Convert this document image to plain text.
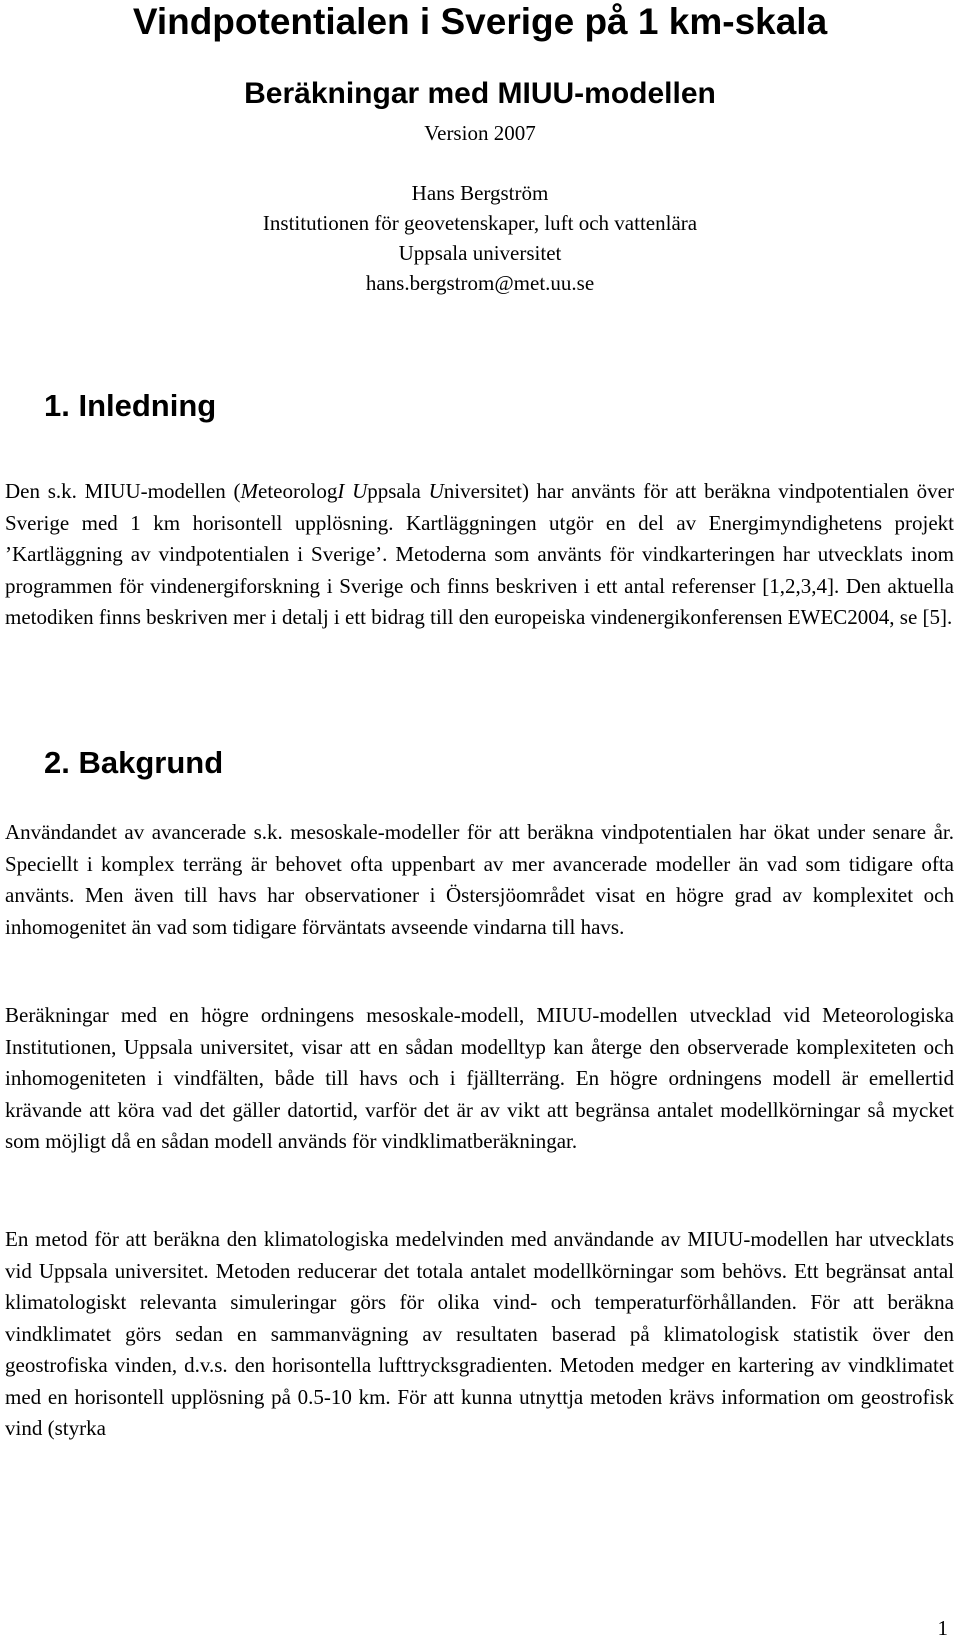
Vindpotentialen i Sverige på 1 km-skala
Beräkningar med MIUU-modellen
Version 2007
Hans Bergström
Institutionen för geovetenskaper, luft och vattenlära
Uppsala universitet
hans.bergstrom@met.uu.se
1. Inledning

Den s.k. MIUU-modellen (MeteorologI Uppsala Universitet) har använts för att beräkna vindpotentialen över Sverige med 1 km horisontell upplösning. Kartläggningen utgör en del av Energimyndighetens projekt ’Kartläggning av vindpotentialen i Sverige’. Metoderna som använts för vindkarteringen har utvecklats inom programmen för vindenergiforskning i Sverige och finns beskriven i ett antal referenser [1,2,3,4]. Den aktuella metodiken finns beskriven mer i detalj i ett bidrag till den europeiska vindenergikonferensen EWEC2004, se [5].

2. Bakgrund

Användandet av avancerade s.k. mesoskale-modeller för att beräkna vindpotentialen har ökat under senare år. Speciellt i komplex terräng är behovet ofta uppenbart av mer avancerade modeller än vad som tidigare ofta använts. Men även till havs har observationer i Östersjöområdet visat en högre grad av komplexitet och inhomogenitet än vad som tidigare förväntats avseende vindarna till havs.

Beräkningar med en högre ordningens mesoskale-modell, MIUU-modellen utvecklad vid Meteorologiska Institutionen, Uppsala universitet, visar att en sådan modelltyp kan återge den observerade komplexiteten och inhomogeniteten i vindfälten, både till havs och i fjällterräng. En högre ordningens modell är emellertid krävande att köra vad det gäller datortid, varför det är av vikt att begränsa antalet modellkörningar så mycket som möjligt då en sådan modell används för vindklimatberäkningar.

En metod för att beräkna den klimatologiska medelvinden med användande av MIUU-modellen har utvecklats vid Uppsala universitet. Metoden reducerar det totala antalet modellkörningar som behövs. Ett begränsat antal klimatologiskt relevanta simuleringar görs för olika vind- och temperaturförhållanden. För att beräkna vindklimatet görs sedan en sammanvägning av resultaten baserad på klimatologisk statistik över den geostrofiska vinden, d.v.s. den horisontella lufttrycksgradienten. Metoden medger en kartering av vindklimatet med en horisontell upplösning på 0.5-10 km. För att kunna utnyttja metoden krävs information om geostrofisk vind (styrka

1
